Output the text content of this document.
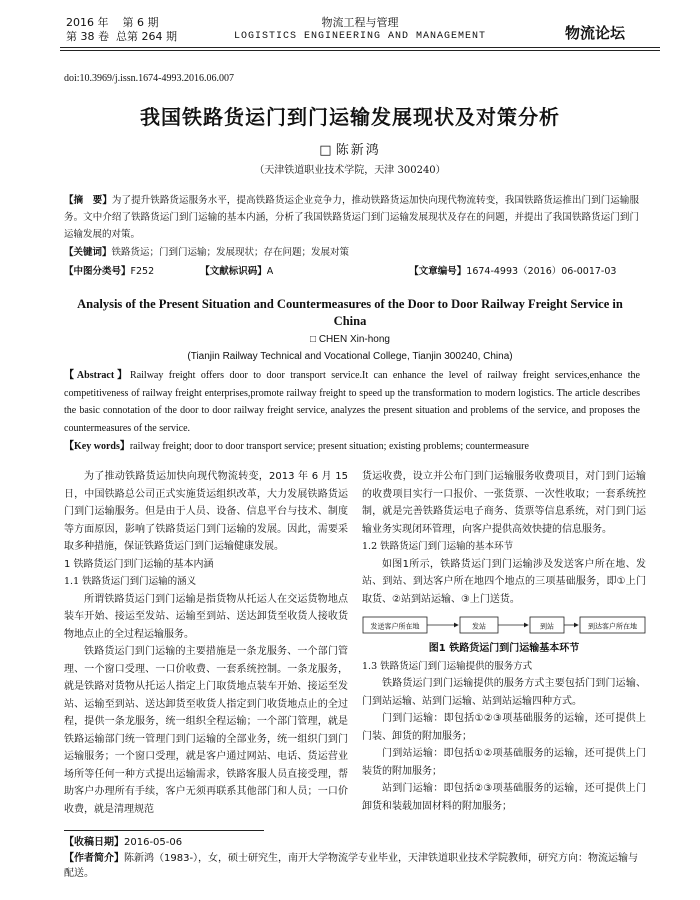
2016 年 第 6 期
第 38 卷 总第 264 期
物流工程与管理
LOGISTICS ENGINEERING AND MANAGEMENT	物流论坛
doi:10.3969/j.issn.1674-4993.2016.06.007
我国铁路货运门到门运输发展现状及对策分析
□ 陈新鸿
（天津铁道职业技术学院，天津 300240）
【摘　要】为了提升铁路货运服务水平，提高铁路货运企业竞争力，推动铁路货运加快向现代物流转变，我国铁路货运推出门到门运输服务。文中介绍了铁路货运门到门运输的基本内涵，分析了我国铁路货运门到门运输发展现状及存在的问题，并提出了我国铁路货运门到门运输发展的对策。
【关键词】铁路货运；门到门运输；发展现状；存在问题；发展对策
【中图分类号】F252	【文献标识码】A	【文章编号】1674-4993（2016）06-0017-03
Analysis of the Present Situation and Countermeasures of the Door to Door Railway Freight Service in China
□ CHEN Xin-hong
(Tianjin Railway Technical and Vocational College, Tianjin 300240, China)
【Abstract】Railway freight offers door to door transport service.It can enhance the level of railway freight services,enhance the competitiveness of railway freight enterprises,promote railway freight to speed up the transformation to modern logistics. The article describes the basic connotation of the door to door railway freight service, analyzes the present situation and problems of the service, and proposes the countermeasures of the service.
【Key words】railway freight; door to door transport service; present situation; existing problems; countermeasure

为了推动铁路货运加快向现代物流转变，2013 年 6 月 15 日，中国铁路总公司正式实施货运组织改革，大力发展铁路货运门到门运输服务。但是由于人员、设备、信息平台与技术、制度等方面原因，影响了铁路货运门到门运输的发展。因此，需要采取多种措施，保证铁路货运门到门运输健康发展。

1 铁路货运门到门运输的基本内涵

1.1 铁路货运门到门运输的涵义

所谓铁路货运门到门运输是指货物从托运人在交运货物地点装车开始、接运至发站、运输至到站、送达卸货至收货人接收货物地点止的全过程运输服务。

铁路货运门到门运输的主要措施是一条龙服务、一个部门管理、一个窗口受理、一口价收费、一套系统控制。一条龙服务，就是铁路对货物从托运人指定上门取货地点装车开始、接运至发站、运输至到站、送达卸货至收货人指定到门收货地点止的全过程，提供一条龙服务，统一组织全程运输；一个部门管理，就是铁路运输部门统一管理门到门运输的全部业务，统一组织门到门运输服务；一个窗口受理，就是客户通过网站、电话、货运营业场所等任何一种方式提出运输需求，铁路客服人员直接受理，帮助客户办理所有手续，客户无须再联系其他部门和人员；一口价收费，就是清理规范

货运收费，设立并公布门到门运输服务收费项目，对门到门运输的收费项目实行一口报价、一张货票、一次性收取；一套系统控制，就是完善铁路货运电子商务、货票等信息系统，对门到门运输业务实现闭环管理，向客户提供高效快捷的信息服务。

1.2 铁路货运门到门运输的基本环节

如图1所示，铁路货运门到门运输涉及发送客户所在地、发站、到站、到达客户所在地四个地点的三项基础服务，即①上门取货、②站到站运输、③上门送货。

发送客户所在地	发站	到站	到达客户所在地

图1 铁路货运门到门运输基本环节

1.3 铁路货运门到门运输提供的服务方式

铁路货运门到门运输提供的服务方式主要包括门到门运输、门到站运输、站到门运输、站到站运输四种方式。

门到门运输：即包括①②③项基础服务的运输，还可提供上门装、卸货的附加服务；

门到站运输：即包括①②项基础服务的运输，还可提供上门装货的附加服务；

站到门运输：即包括②③项基础服务的运输，还可提供上门卸货和装载加固材料的附加服务；

【收稿日期】2016-05-06
【作者简介】陈新鸿（1983-），女，硕士研究生，南开大学物流学专业毕业，天津铁道职业技术学院教师，研究方向：物流运输与配送。
